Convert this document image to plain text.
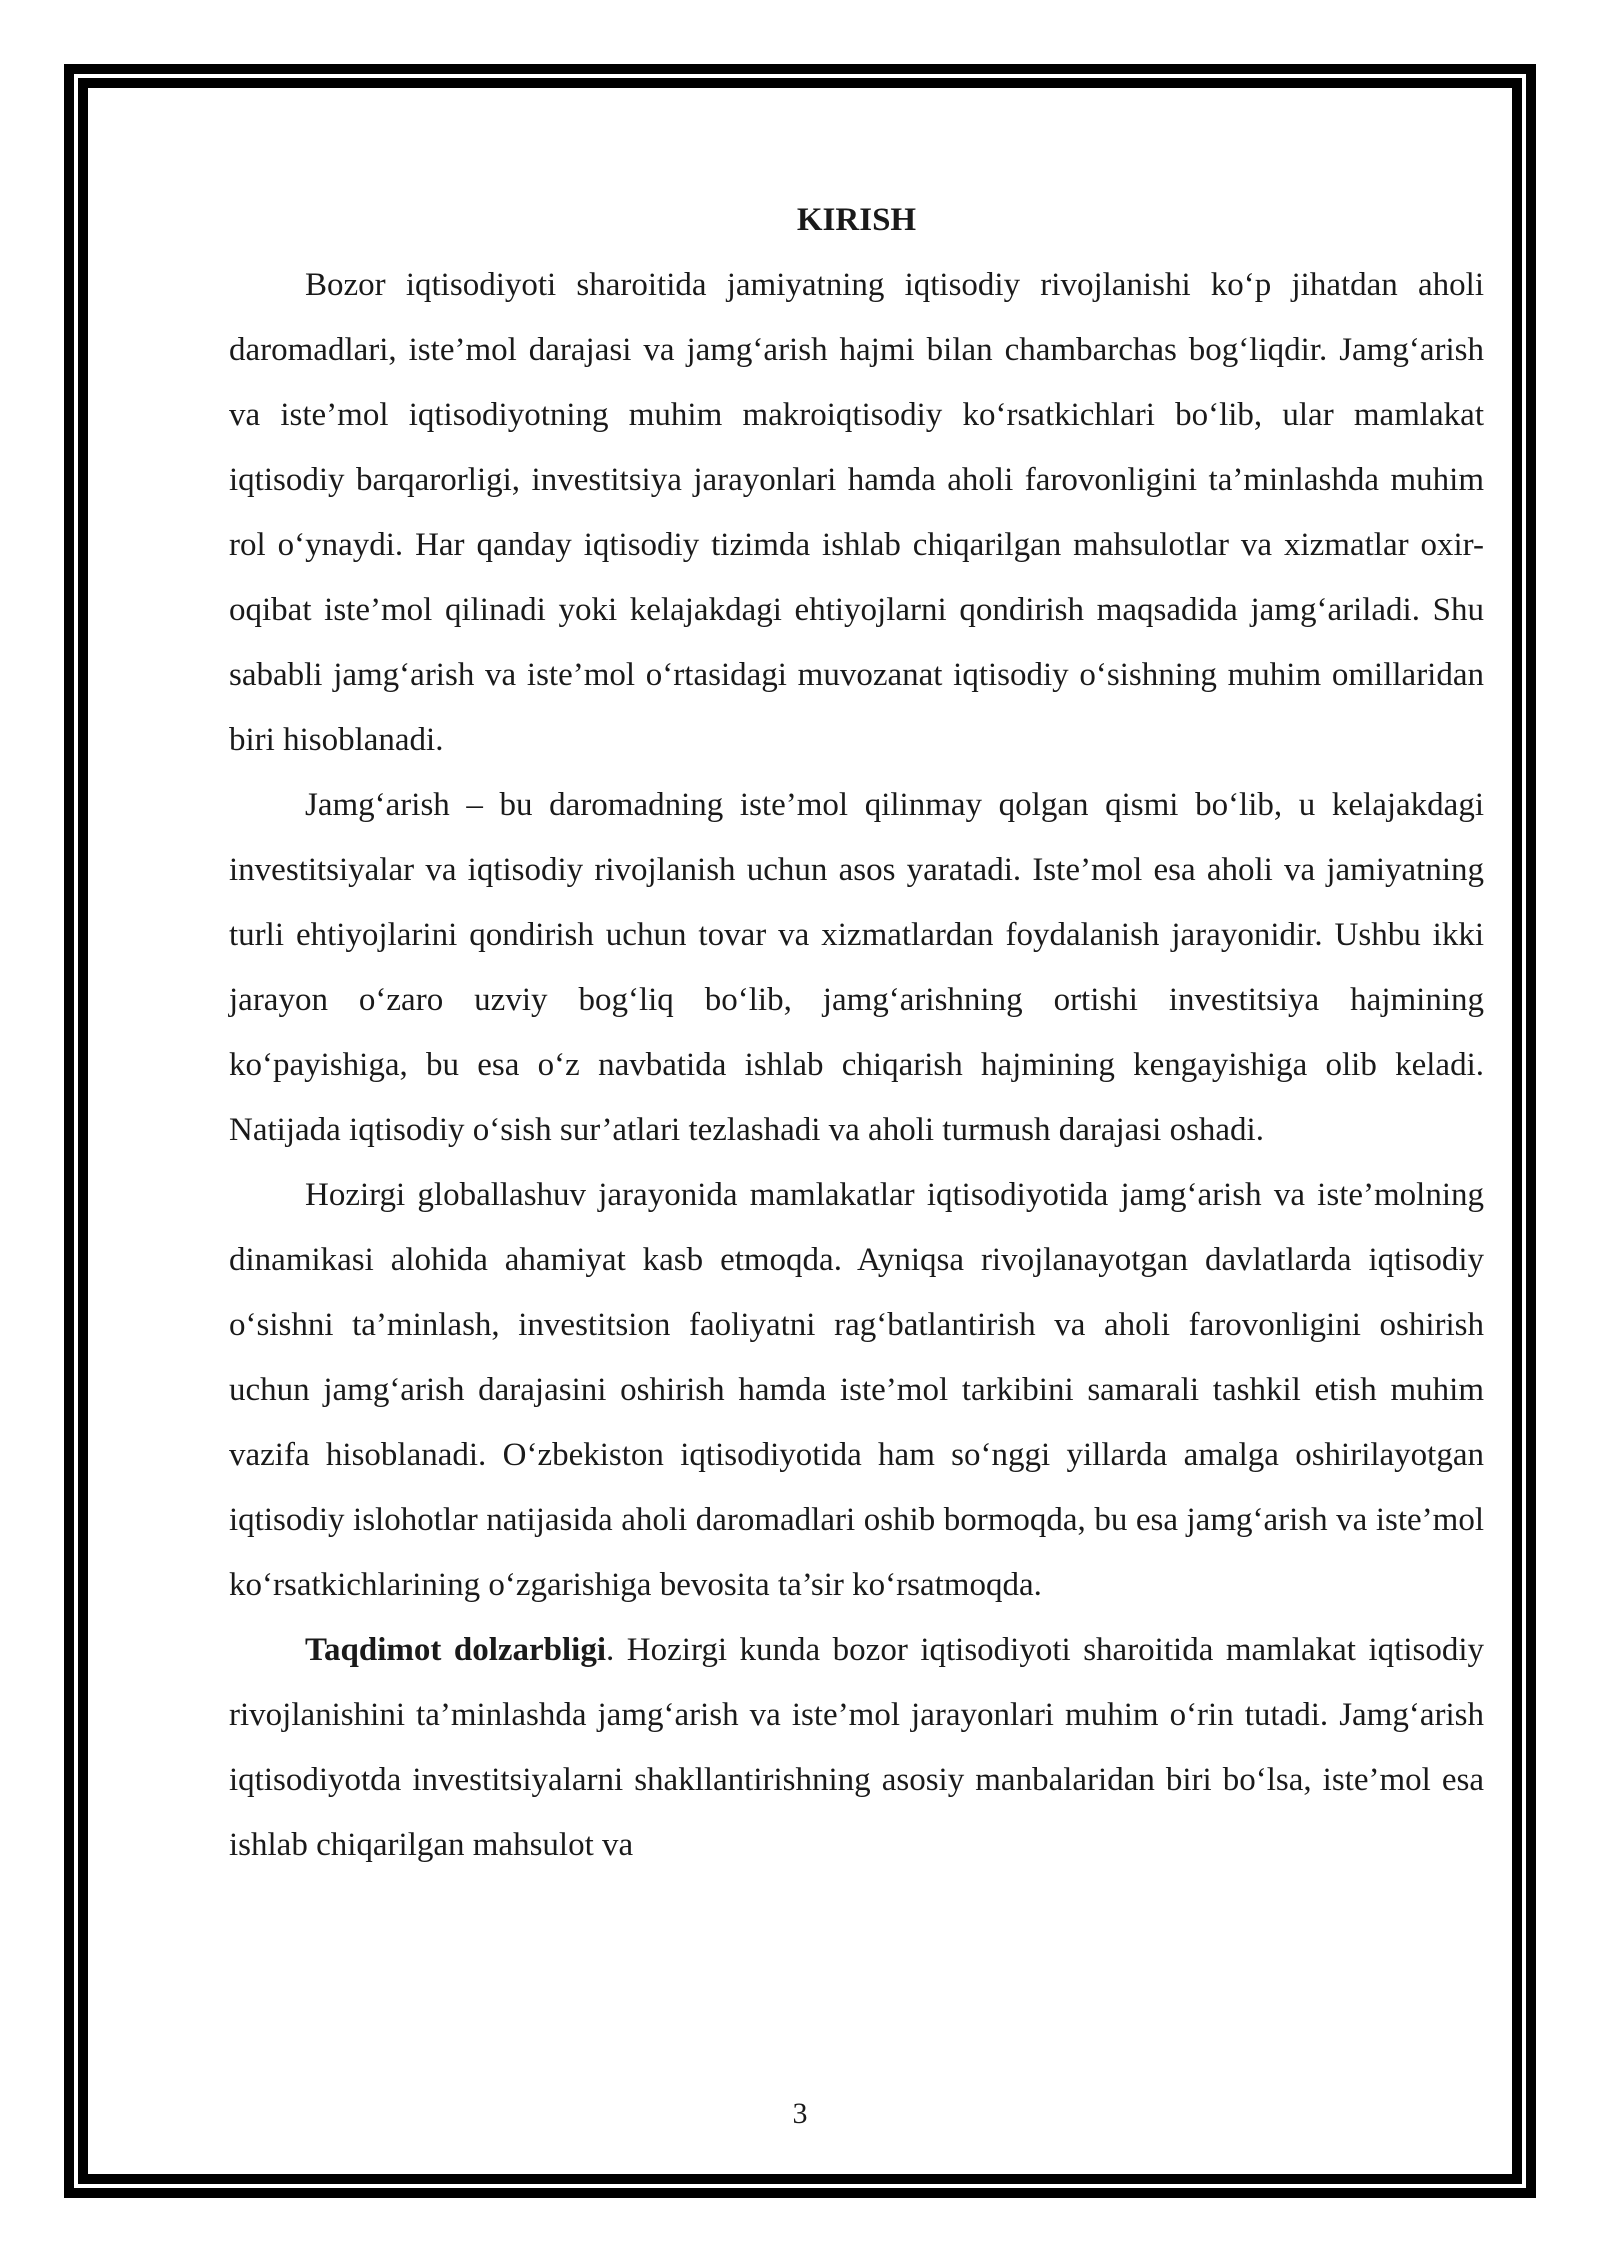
KIRISH

Bozor iqtisodiyoti sharoitida jamiyatning iqtisodiy rivojlanishi ko‘p jihatdan aholi daromadlari, iste’mol darajasi va jamg‘arish hajmi bilan chambarchas bog‘liqdir. Jamg‘arish va iste’mol iqtisodiyotning muhim makroiqtisodiy ko‘rsatkichlari bo‘lib, ular mamlakat iqtisodiy barqarorligi, investitsiya jarayonlari hamda aholi farovonligini ta’minlashda muhim rol o‘ynaydi. Har qanday iqtisodiy tizimda ishlab chiqarilgan mahsulotlar va xizmatlar oxir-oqibat iste’mol qilinadi yoki kelajakdagi ehtiyojlarni qondirish maqsadida jamg‘ariladi. Shu sababli jamg‘arish va iste’mol o‘rtasidagi muvozanat iqtisodiy o‘sishning muhim omillaridan biri hisoblanadi.

Jamg‘arish – bu daromadning iste’mol qilinmay qolgan qismi bo‘lib, u kelajakdagi investitsiyalar va iqtisodiy rivojlanish uchun asos yaratadi. Iste’mol esa aholi va jamiyatning turli ehtiyojlarini qondirish uchun tovar va xizmatlardan foydalanish jarayonidir. Ushbu ikki jarayon o‘zaro uzviy bog‘liq bo‘lib, jamg‘arishning ortishi investitsiya hajmining ko‘payishiga, bu esa o‘z navbatida ishlab chiqarish hajmining kengayishiga olib keladi. Natijada iqtisodiy o‘sish sur’atlari tezlashadi va aholi turmush darajasi oshadi.

Hozirgi globallashuv jarayonida mamlakatlar iqtisodiyotida jamg‘arish va iste’molning dinamikasi alohida ahamiyat kasb etmoqda. Ayniqsa rivojlanayotgan davlatlarda iqtisodiy o‘sishni ta’minlash, investitsion faoliyatni rag‘batlantirish va aholi farovonligini oshirish uchun jamg‘arish darajasini oshirish hamda iste’mol tarkibini samarali tashkil etish muhim vazifa hisoblanadi. O‘zbekiston iqtisodiyotida ham so‘nggi yillarda amalga oshirilayotgan iqtisodiy islohotlar natijasida aholi daromadlari oshib bormoqda, bu esa jamg‘arish va iste’mol ko‘rsatkichlarining o‘zgarishiga bevosita ta’sir ko‘rsatmoqda.

Taqdimot dolzarbligi. Hozirgi kunda bozor iqtisodiyoti sharoitida mamlakat iqtisodiy rivojlanishini ta’minlashda jamg‘arish va iste’mol jarayonlari muhim o‘rin tutadi. Jamg‘arish iqtisodiyotda investitsiyalarni shakllantirishning asosiy manbalaridan biri bo‘lsa, iste’mol esa ishlab chiqarilgan mahsulot va

3
